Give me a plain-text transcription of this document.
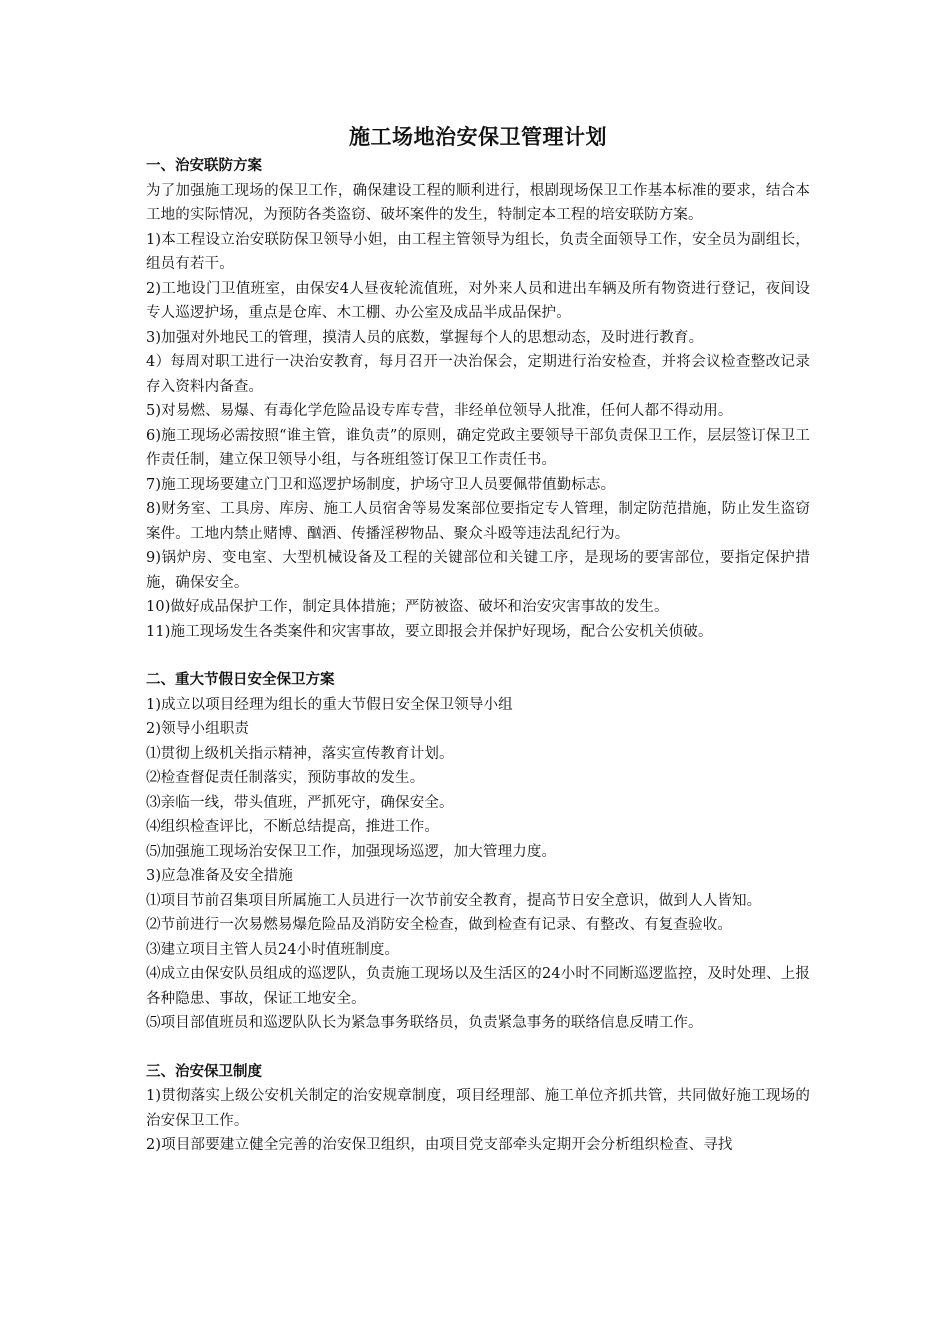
施工场地治安保卫管理计划
一、治安联防方案

为了加强施工现场的保卫工作，确保建设工程的顺利进行，根剧现场保卫工作基本标准的要求，结合本工地的实际情况，为预防各类盗窃、破坏案件的发生，特制定本工程的培安联防方案。

1)本工程设立治安联防保卫领导小妲，由工程主管领导为组长，负责全面领导工作，安全员为副组长，组员有若干。

2)工地设门卫值班室，由保安4人昼夜轮流值班，对外来人员和进出车辆及所有物资进行登记，夜间设专人巡逻护场，重点是仓库、木工棚、办公室及成品半成品保护。

3)加强对外地民工的管理，摸清人员的底数，掌握每个人的思想动态，及时进行教育。

4）每周对职工进行一决治安教育，每月召开一决治保会，定期进行治安检查，并将会议检查整改记录存入资料内备查。

5)对易燃、易爆、有毒化学危险品设专库专营，非经单位领导人批准，任何人都不得动用。

6)施工现场必需按照“谁主管，谁负责”的原则，确定党政主要领导干部负责保卫工作，层层签订保卫工作责任制，建立保卫领导小组，与各班组签订保卫工作责任书。

7)施工现场要建立门卫和巡逻护场制度，护场守卫人员要佩带值勤标志。

8)财务室、工具房、库房、施工人员宿舍等易发案部位要指定专人管理，制定防范措施，防止发生盗窃案件。工地内禁止赌博、酗酒、传播淫秽物品、聚众斗殴等违法乱纪行为。

9)锅炉房、变电室、大型机械设备及工程的关键部位和关键工序，是现场的要害部位，要指定保护措施，确保安全。

10)做好成品保护工作，制定具体措施；严防被盗、破坏和治安灾害事故的发生。

11)施工现场发生各类案件和灾害事故，要立即报会并保护好现场，配合公安机关侦破。

二、重大节假日安全保卫方案

1)成立以项目经理为组长的重大节假日安全保卫领导小组

2)领导小组职责

⑴贯彻上级机关指示精神，落实宣传教育计划。

⑵检查督促责任制落实，预防事故的发生。

⑶亲临一线，带头值班，严抓死守，确保安全。

⑷组织检查评比，不断总结提高，推进工作。

⑸加强施工现场治安保卫工作，加强现场巡逻，加大管理力度。

3)应急准备及安全措施

⑴项目节前召集项目所属施工人员进行一次节前安全教育，提高节日安全意识，做到人人皆知。

⑵节前进行一次易燃易爆危险品及消防安全检查，做到检查有记录、有整改、有复查验收。

⑶建立项目主管人员24小时值班制度。

⑷成立由保安队员组成的巡逻队，负责施工现场以及生活区的24小时不同断巡逻监控，及时处理、上报各种隐患、事故，保证工地安全。

⑸项目部值班员和巡逻队队长为紧急事务联络员，负责紧急事务的联络信息反晴工作。

三、治安保卫制度

1)贯彻落实上级公安机关制定的治安规章制度，项目经理部、施工单位齐抓共管，共同做好施工现场的治安保卫工作。

2)项目部要建立健全完善的治安保卫组织，由项目党支部牵头定期开会分析组织检查、寻找
